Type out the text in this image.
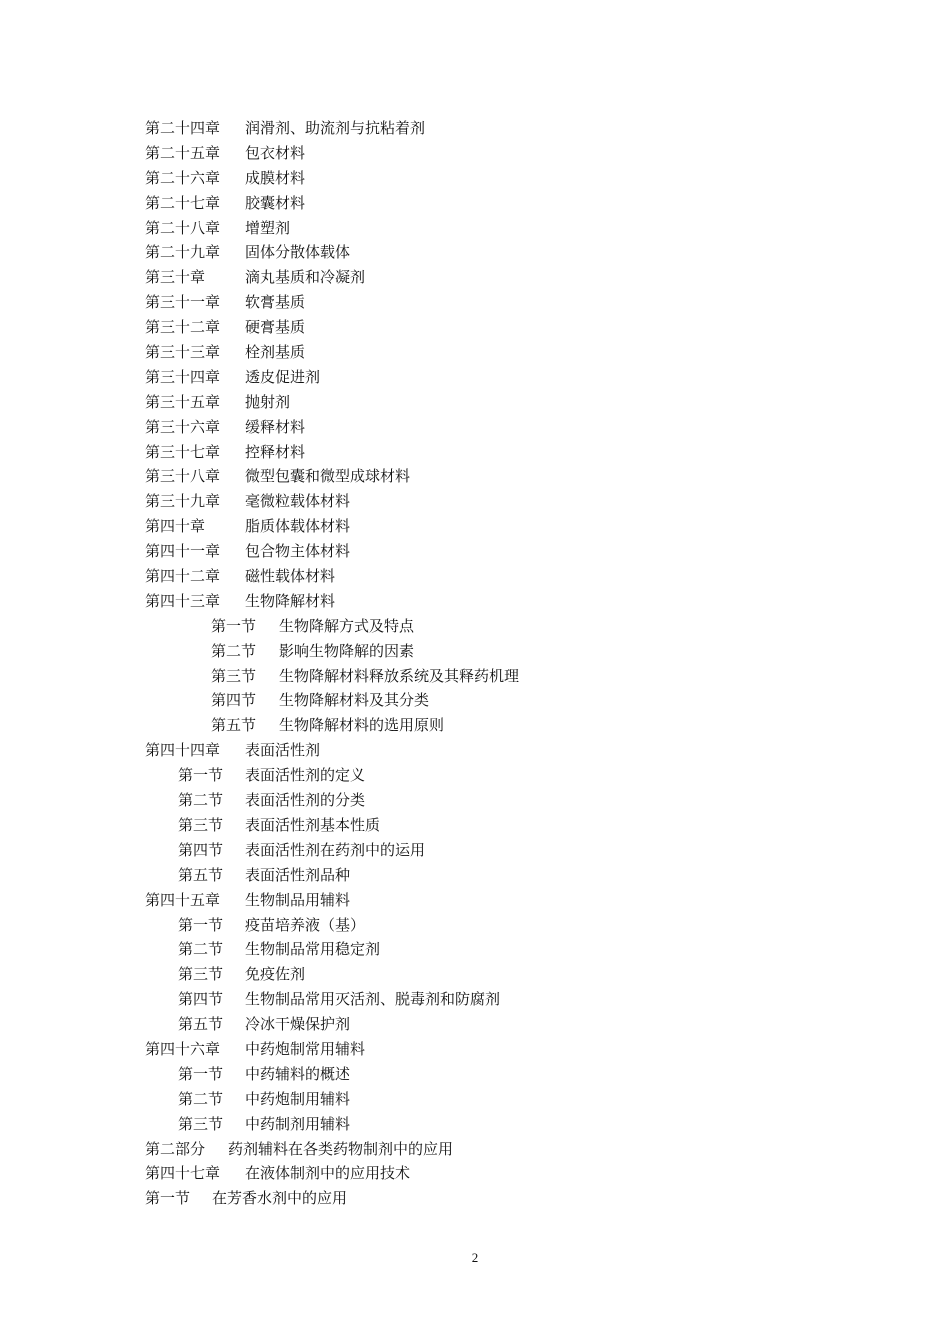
第二十四章 润滑剂、助流剂与抗粘着剂
第二十五章 包衣材料
第二十六章 成膜材料
第二十七章 胶囊材料
第二十八章 增塑剂
第二十九章 固体分散体载体
第三十章	滴丸基质和冷凝剂
第三十一章 软膏基质
第三十二章 硬膏基质
第三十三章 栓剂基质
第三十四章 透皮促进剂
第三十五章 抛射剂
第三十六章 缓释材料
第三十七章 控释材料
第三十八章 微型包囊和微型成球材料
第三十九章 毫微粒载体材料
第四十章	脂质体载体材料
第四十一章 包合物主体材料
第四十二章 磁性载体材料
第四十三章 生物降解材料
第一节 生物降解方式及特点
第二节 影响生物降解的因素
第三节 生物降解材料释放系统及其释药机理
第四节 生物降解材料及其分类
第五节 生物降解材料的选用原则
第四十四章 表面活性剂
第一节 表面活性剂的定义
第二节 表面活性剂的分类
第三节 表面活性剂基本性质
第四节 表面活性剂在药剂中的运用
第五节 表面活性剂品种
第四十五章 生物制品用辅料
第一节 疫苗培养液（基）
第二节 生物制品常用稳定剂
第三节 免疫佐剂
第四节 生物制品常用灭活剂、脱毒剂和防腐剂
第五节 冷冰干燥保护剂
第四十六章 中药炮制常用辅料
第一节 中药辅料的概述
第二节 中药炮制用辅料
第三节 中药制剂用辅料
第二部分 药剂辅料在各类药物制剂中的应用
第四十七章 在液体制剂中的应用技术
第一节 在芳香水剂中的应用
2
